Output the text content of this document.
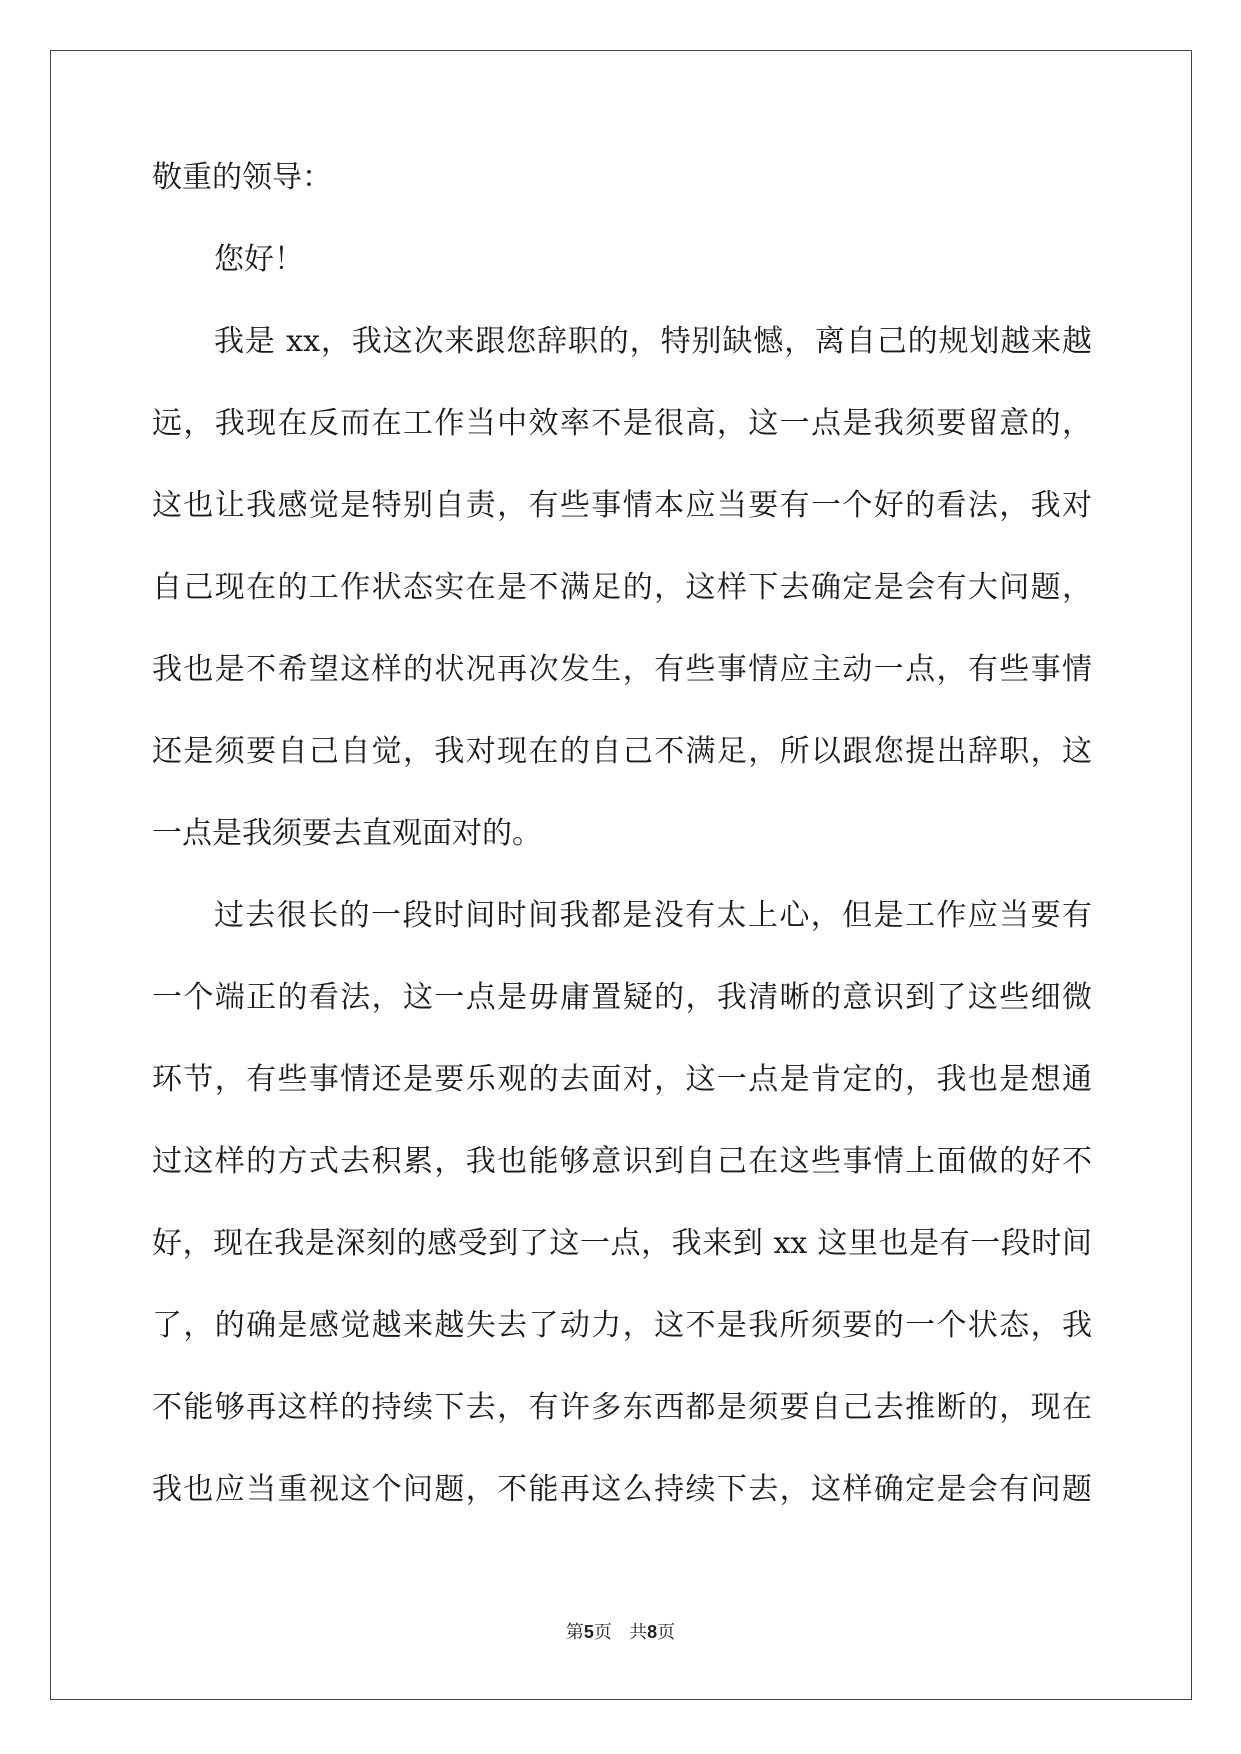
敬重的领导：
您好！
我是 xx，我这次来跟您辞职的，特别缺憾，离自己的规划越来越
远，我现在反而在工作当中效率不是很高，这一点是我须要留意的，
这也让我感觉是特别自责，有些事情本应当要有一个好的看法，我对
自己现在的工作状态实在是不满足的，这样下去确定是会有大问题，
我也是不希望这样的状况再次发生，有些事情应主动一点，有些事情
还是须要自己自觉，我对现在的自己不满足，所以跟您提出辞职，这
一点是我须要去直观面对的。
过去很长的一段时间时间我都是没有太上心，但是工作应当要有
一个端正的看法，这一点是毋庸置疑的，我清晰的意识到了这些细微
环节，有些事情还是要乐观的去面对，这一点是肯定的，我也是想通
过这样的方式去积累，我也能够意识到自己在这些事情上面做的好不
好，现在我是深刻的感受到了这一点，我来到 xx 这里也是有一段时间
了，的确是感觉越来越失去了动力，这不是我所须要的一个状态，我
不能够再这样的持续下去，有许多东西都是须要自己去推断的，现在
我也应当重视这个问题，不能再这么持续下去，这样确定是会有问题
第5页 共8页
